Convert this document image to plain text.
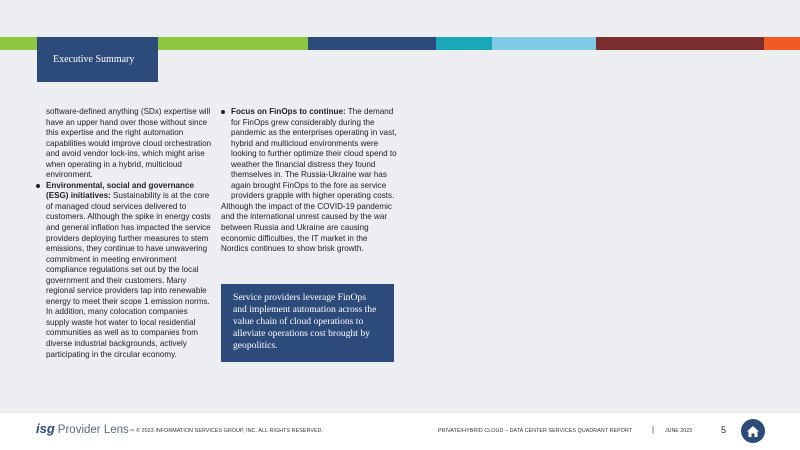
Executive Summary

software-defined anything (SDx) expertise will have an upper hand over those without since this expertise and the right automation capabilities would improve cloud orchestration and avoid vendor lock-ins, which might arise when operating in a hybrid, multicloud environment.

Environmental, social and governance (ESG) initiatives: Sustainability is at the core of managed cloud services delivered to customers. Although the spike in energy costs and general inflation has impacted the service providers deploying further measures to stem emissions, they continue to have unwavering commitment in meeting environment compliance regulations set out by the local government and their customers. Many regional service providers tap into renewable energy to meet their scope 1 emission norms. In addition, many colocation companies supply waste hot water to local residential communities as well as to companies from diverse industrial backgrounds, actively participating in the circular economy.

Focus on FinOps to continue: The demand for FinOps grew considerably during the pandemic as the enterprises operating in vast, hybrid and multicloud environments were looking to further optimize their cloud spend to weather the financial distress they found themselves in. The Russia-Ukraine war has again brought FinOps to the fore as service providers grapple with higher operating costs.

Although the impact of the COVID-19 pandemic and the international unrest caused by the war between Russia and Ukraine are causing economic difficulties, the IT market in the Nordics continues to show brisk growth.

Service providers leverage FinOps and implement automation across the value chain of cloud operations to alleviate operations cost brought by geopolitics.
isg Provider Lens ™ © 2023 INFORMATION SERVICES GROUP, INC. ALL RIGHTS RESERVED.	PRIVATE/HYBRID CLOUD – DATA CENTER SERVICES QUADRANT REPORT | JUNE 2023	5
